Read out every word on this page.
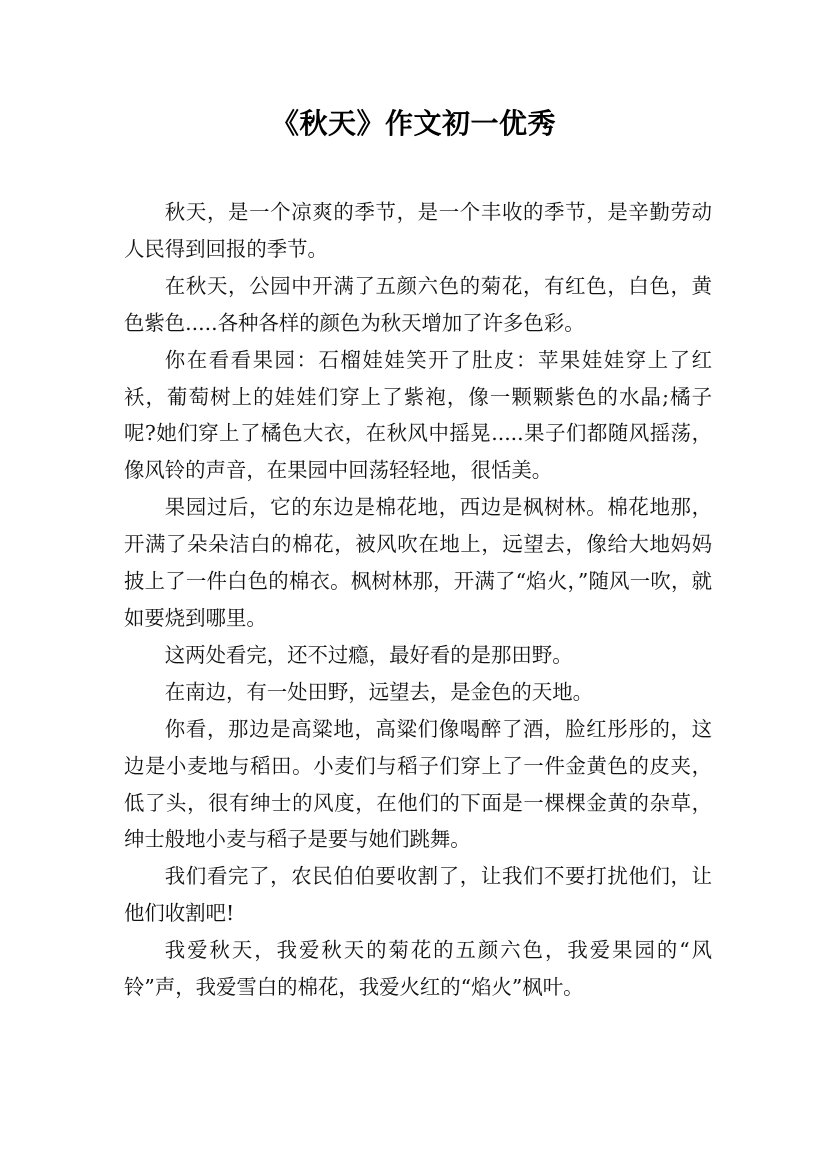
《秋天》作文初一优秀

秋天，是一个凉爽的季节，是一个丰收的季节，是辛勤劳动人民得到回报的季节。

在秋天，公园中开满了五颜六色的菊花，有红色，白色，黄色紫色.....各种各样的颜色为秋天增加了许多色彩。

你在看看果园：石榴娃娃笑开了肚皮：苹果娃娃穿上了红袄，葡萄树上的娃娃们穿上了紫袍，像一颗颗紫色的水晶;橘子呢?她们穿上了橘色大衣，在秋风中摇晃.....果子们都随风摇荡，像风铃的声音，在果园中回荡轻轻地，很恬美。

果园过后，它的东边是棉花地，西边是枫树林。棉花地那，开满了朵朵洁白的棉花，被风吹在地上，远望去，像给大地妈妈披上了一件白色的棉衣。枫树林那，开满了“焰火，”随风一吹，就如要烧到哪里。

这两处看完，还不过瘾，最好看的是那田野。

在南边，有一处田野，远望去，是金色的天地。

你看，那边是高粱地，高粱们像喝醉了酒，脸红彤彤的，这边是小麦地与稻田。小麦们与稻子们穿上了一件金黄色的皮夹，低了头，很有绅士的风度，在他们的下面是一棵棵金黄的杂草，绅士般地小麦与稻子是要与她们跳舞。

我们看完了，农民伯伯要收割了，让我们不要打扰他们，让他们收割吧!

我爱秋天，我爱秋天的菊花的五颜六色，我爱果园的“风铃”声，我爱雪白的棉花，我爱火红的“焰火”枫叶。
